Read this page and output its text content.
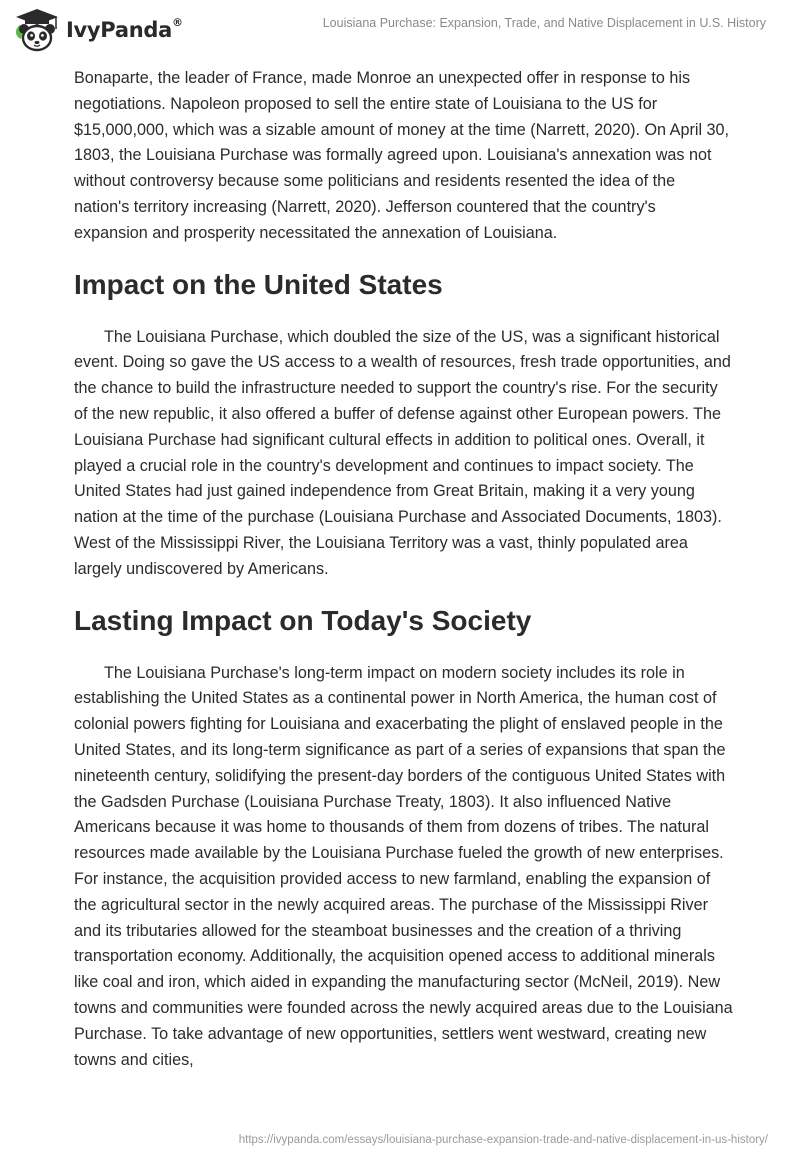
IvyPanda®	Louisiana Purchase: Expansion, Trade, and Native Displacement in U.S. History

Bonaparte, the leader of France, made Monroe an unexpected offer in response to his negotiations. Napoleon proposed to sell the entire state of Louisiana to the US for $15,000,000, which was a sizable amount of money at the time (Narrett, 2020). On April 30, 1803, the Louisiana Purchase was formally agreed upon. Louisiana's annexation was not without controversy because some politicians and residents resented the idea of the nation's territory increasing (Narrett, 2020). Jefferson countered that the country's expansion and prosperity necessitated the annexation of Louisiana.

Impact on the United States

The Louisiana Purchase, which doubled the size of the US, was a significant historical event. Doing so gave the US access to a wealth of resources, fresh trade opportunities, and the chance to build the infrastructure needed to support the country's rise. For the security of the new republic, it also offered a buffer of defense against other European powers. The Louisiana Purchase had significant cultural effects in addition to political ones. Overall, it played a crucial role in the country's development and continues to impact society. The United States had just gained independence from Great Britain, making it a very young nation at the time of the purchase (Louisiana Purchase and Associated Documents, 1803). West of the Mississippi River, the Louisiana Territory was a vast, thinly populated area largely undiscovered by Americans.

Lasting Impact on Today's Society

The Louisiana Purchase's long-term impact on modern society includes its role in establishing the United States as a continental power in North America, the human cost of colonial powers fighting for Louisiana and exacerbating the plight of enslaved people in the United States, and its long-term significance as part of a series of expansions that span the nineteenth century, solidifying the present-day borders of the contiguous United States with the Gadsden Purchase (Louisiana Purchase Treaty, 1803). It also influenced Native Americans because it was home to thousands of them from dozens of tribes. The natural resources made available by the Louisiana Purchase fueled the growth of new enterprises. For instance, the acquisition provided access to new farmland, enabling the expansion of the agricultural sector in the newly acquired areas. The purchase of the Mississippi River and its tributaries allowed for the steamboat businesses and the creation of a thriving transportation economy. Additionally, the acquisition opened access to additional minerals like coal and iron, which aided in expanding the manufacturing sector (McNeil, 2019). New towns and communities were founded across the newly acquired areas due to the Louisiana Purchase. To take advantage of new opportunities, settlers went westward, creating new towns and cities,

https://ivypanda.com/essays/louisiana-purchase-expansion-trade-and-native-displacement-in-us-history/
